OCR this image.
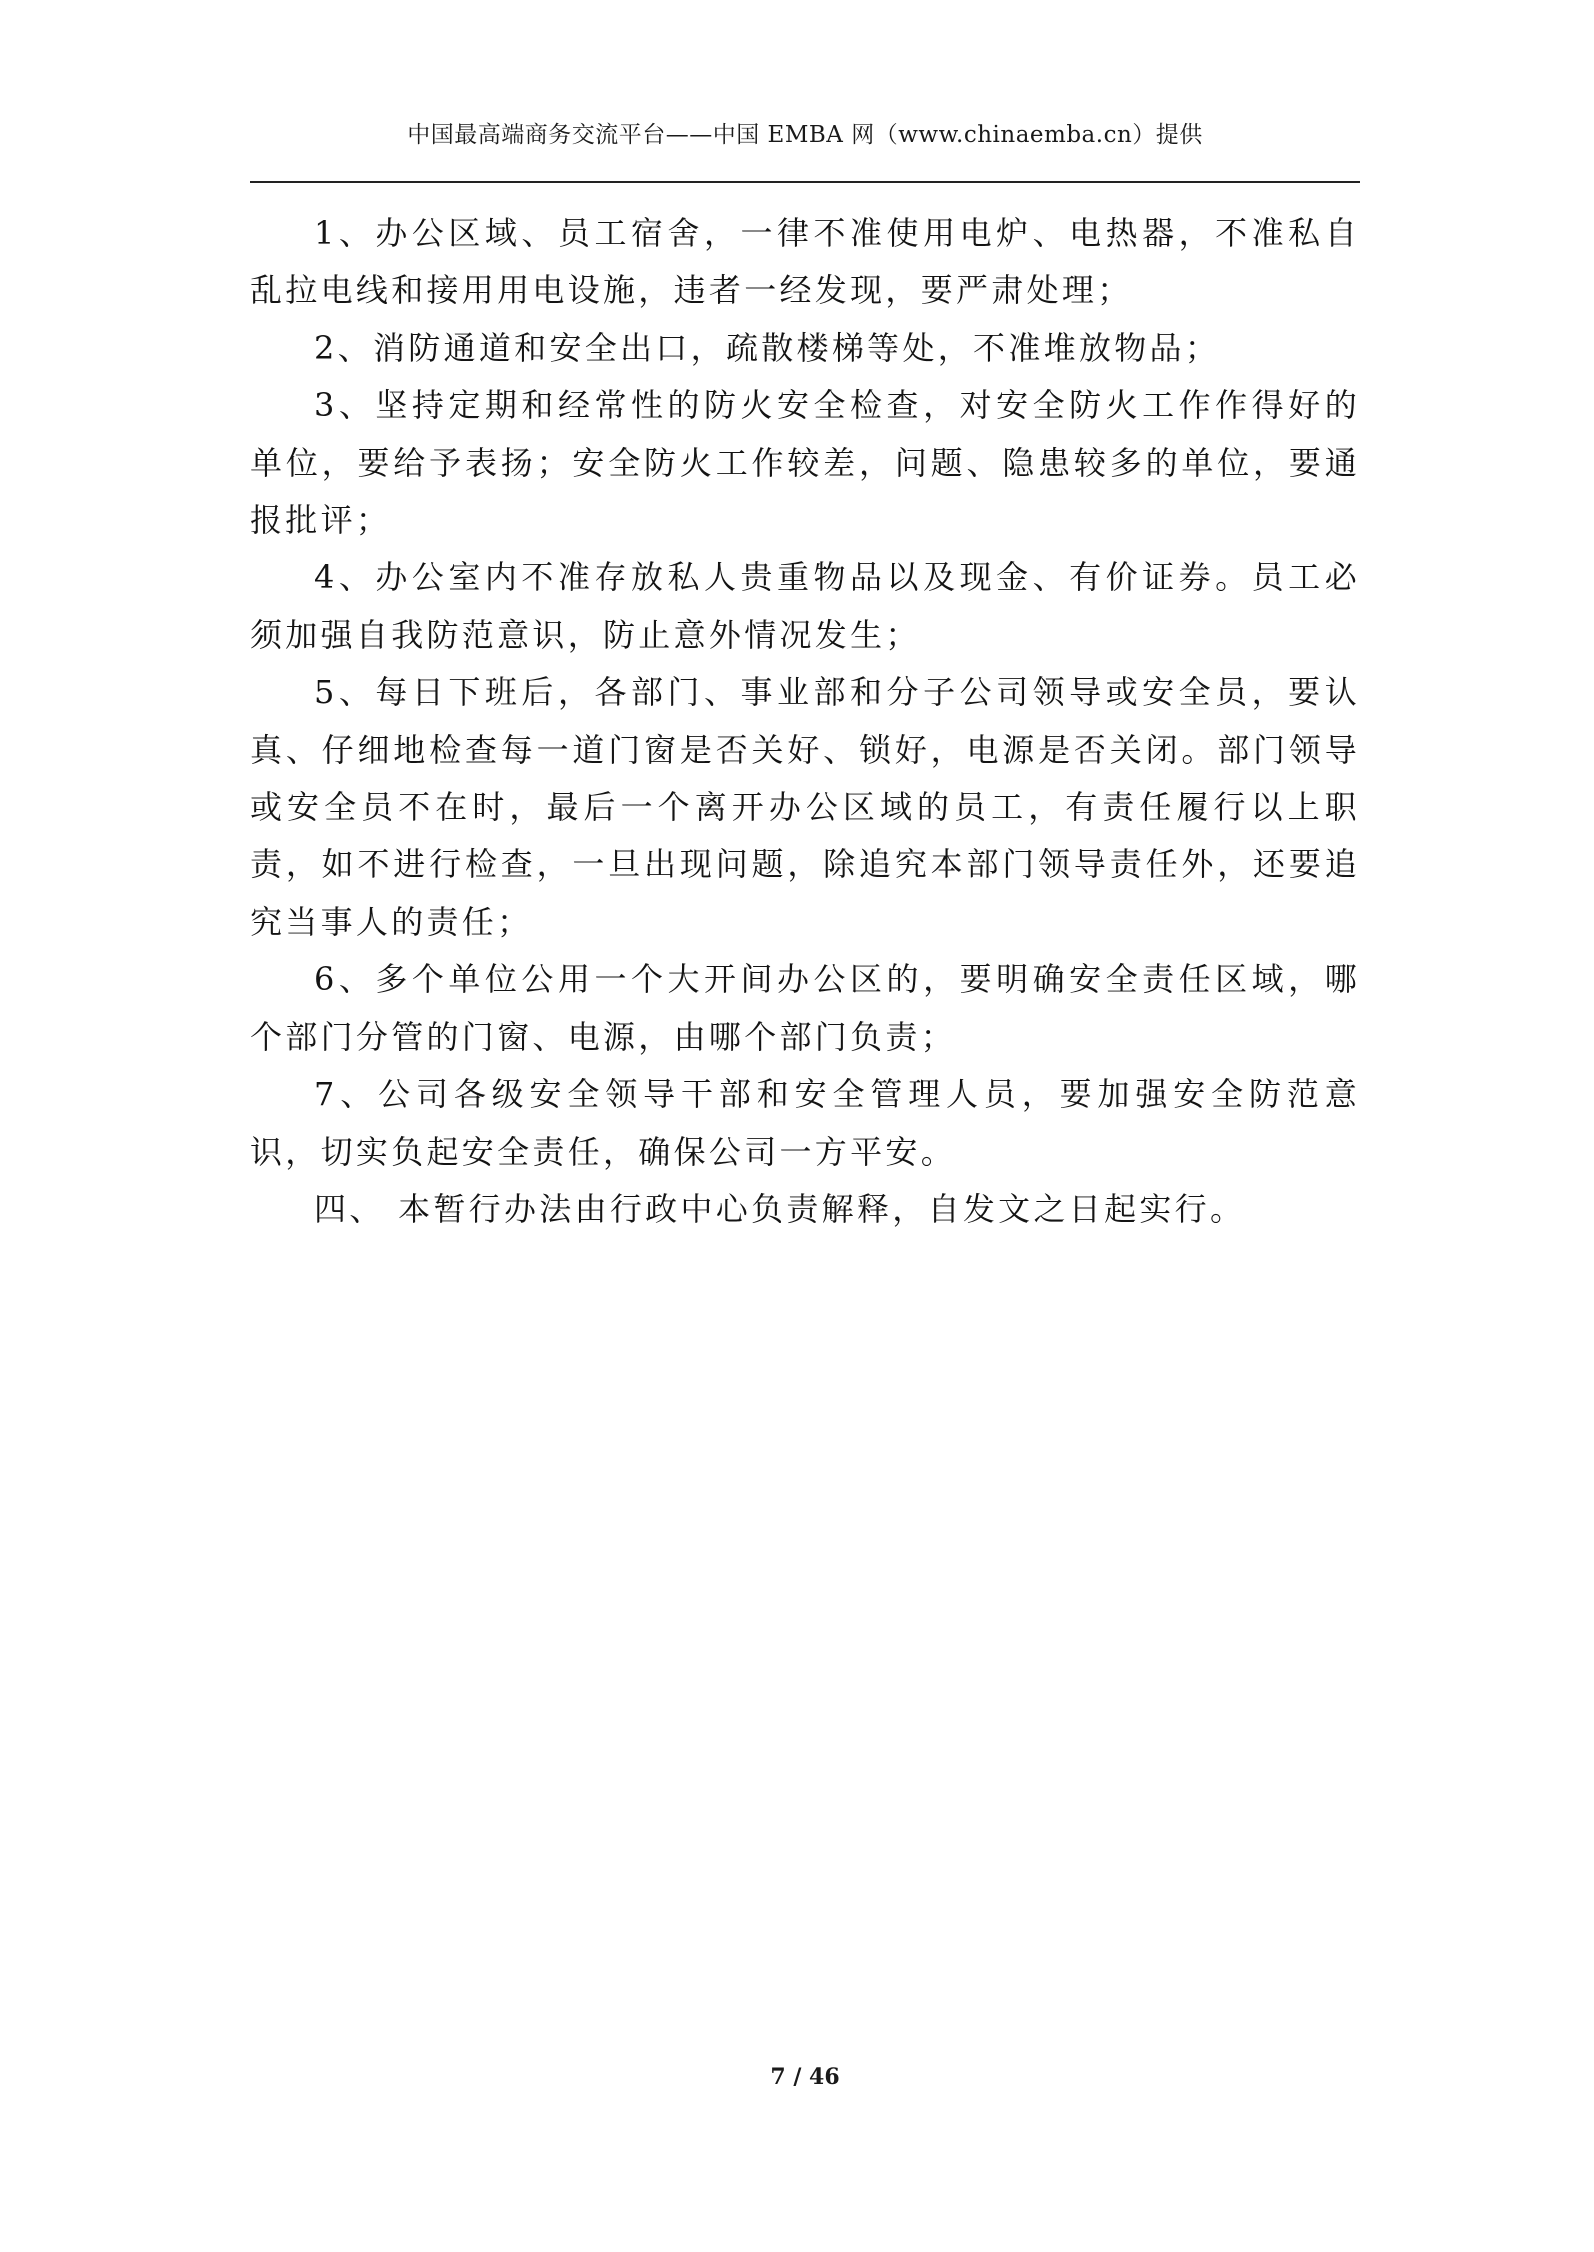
中国最高端商务交流平台——中国 EMBA 网（www.chinaemba.cn）提供

1、办公区域、员工宿舍，一律不准使用电炉、电热器，不准私自乱拉电线和接用用电设施，违者一经发现，要严肃处理；

2、消防通道和安全出口，疏散楼梯等处，不准堆放物品；

3、坚持定期和经常性的防火安全检查，对安全防火工作作得好的单位，要给予表扬；安全防火工作较差，问题、隐患较多的单位，要通报批评；

4、办公室内不准存放私人贵重物品以及现金、有价证券。员工必须加强自我防范意识，防止意外情况发生；

5、每日下班后，各部门、事业部和分子公司领导或安全员，要认真、仔细地检查每一道门窗是否关好、锁好，电源是否关闭。部门领导或安全员不在时，最后一个离开办公区域的员工，有责任履行以上职责，如不进行检查，一旦出现问题，除追究本部门领导责任外，还要追究当事人的责任；

6、多个单位公用一个大开间办公区的，要明确安全责任区域，哪个部门分管的门窗、电源，由哪个部门负责；

7、公司各级安全领导干部和安全管理人员，要加强安全防范意识，切实负起安全责任，确保公司一方平安。

四、 本暂行办法由行政中心负责解释，自发文之日起实行。

7 / 46
